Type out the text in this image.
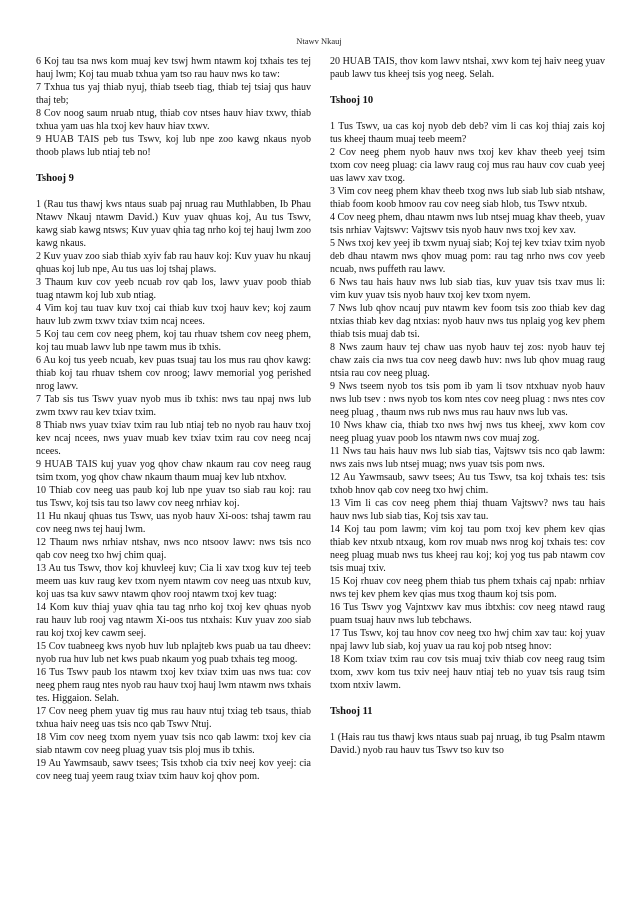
Ntawv Nkauj

6 Koj tau tsa nws kom muaj kev tswj hwm ntawm koj txhais tes tej hauj lwm; Koj tau muab txhua yam tso rau hauv nws ko taw:

7 Txhua tus yaj thiab nyuj, thiab tseeb tiag, thiab tej tsiaj qus hauv thaj teb;

8 Cov noog saum nruab ntug, thiab cov ntses hauv hiav txwv, thiab txhua yam uas hla txoj kev hauv hiav txwv.

9 HUAB TAIS peb tus Tswv, koj lub npe zoo kawg nkaus nyob thoob plaws lub ntiaj teb no!

Tshooj 9

1 (Rau tus thawj kws ntaus suab paj nruag rau Muthlabben, Ib Phau Ntawv Nkauj ntawm David.) Kuv yuav qhuas koj, Au tus Tswv, kawg siab kawg ntsws; Kuv yuav qhia tag nrho koj tej hauj lwm zoo kawg nkaus.

2 Kuv yuav zoo siab thiab xyiv fab rau hauv koj: Kuv yuav hu nkauj qhuas koj lub npe, Au tus uas loj tshaj plaws.

3 Thaum kuv cov yeeb ncuab rov qab los, lawv yuav poob thiab tuag ntawm koj lub xub ntiag.

4 Vim koj tau tuav kuv txoj cai thiab kuv txoj hauv kev; koj zaum hauv lub zwm txwv txiav txim ncaj ncees.

5 Koj tau cem cov neeg phem, koj tau rhuav tshem cov neeg phem, koj tau muab lawv lub npe tawm mus ib txhis.

6 Au koj tus yeeb ncuab, kev puas tsuaj tau los mus rau qhov kawg: thiab koj tau rhuav tshem cov nroog; lawv memorial yog perished nrog lawv.

7 Tab sis tus Tswv yuav nyob mus ib txhis: nws tau npaj nws lub zwm txwv rau kev txiav txim.

8 Thiab nws yuav txiav txim rau lub ntiaj teb no nyob rau hauv txoj kev ncaj ncees, nws yuav muab kev txiav txim rau cov neeg ncaj ncees.

9 HUAB TAIS kuj yuav yog qhov chaw nkaum rau cov neeg raug tsim txom, yog qhov chaw nkaum thaum muaj kev lub ntxhov.

10 Thiab cov neeg uas paub koj lub npe yuav tso siab rau koj: rau tus Tswv, koj tsis tau tso lawv cov neeg nrhiav koj.

11 Hu nkauj qhuas tus Tswv, uas nyob hauv Xi-oos: tshaj tawm rau cov neeg nws tej hauj lwm.

12 Thaum nws nrhiav ntshav, nws nco ntsoov lawv: nws tsis nco qab cov neeg txo hwj chim quaj.

13 Au tus Tswv, thov koj khuvleej kuv; Cia li xav txog kuv tej teeb meem uas kuv raug kev txom nyem ntawm cov neeg uas ntxub kuv, koj uas tsa kuv sawv ntawm qhov rooj ntawm txoj kev tuag:

14 Kom kuv thiaj yuav qhia tau tag nrho koj txoj kev qhuas nyob rau hauv lub rooj vag ntawm Xi-oos tus ntxhais: Kuv yuav zoo siab rau koj txoj kev cawm seej.

15 Cov tuabneeg kws nyob huv lub nplajteb kws puab ua tau dheev: nyob rua huv lub net kws puab nkaum yog puab txhais teg moog.

16 Tus Tswv paub los ntawm txoj kev txiav txim uas nws tua: cov neeg phem raug ntes nyob rau hauv txoj hauj lwm ntawm nws txhais tes. Higgaion. Selah.

17 Cov neeg phem yuav tig mus rau hauv ntuj txiag teb tsaus, thiab txhua haiv neeg uas tsis nco qab Tswv Ntuj.

18 Vim cov neeg txom nyem yuav tsis nco qab lawm: txoj kev cia siab ntawm cov neeg pluag yuav tsis ploj mus ib txhis.

19 Au Yawmsaub, sawv tsees; Tsis txhob cia txiv neej kov yeej: cia cov neeg tuaj yeem raug txiav txim hauv koj qhov pom.

20 HUAB TAIS, thov kom lawv ntshai, xwv kom tej haiv neeg yuav paub lawv tus kheej tsis yog neeg. Selah.

Tshooj 10

1 Tus Tswv, ua cas koj nyob deb deb? vim li cas koj thiaj zais koj tus kheej thaum muaj teeb meem?

2 Cov neeg phem nyob hauv nws txoj kev khav theeb yeej tsim txom cov neeg pluag: cia lawv raug coj mus rau hauv cov cuab yeej uas lawv xav txog.

3 Vim cov neeg phem khav theeb txog nws lub siab lub siab ntshaw, thiab foom koob hmoov rau cov neeg siab hlob, tus Tswv ntxub.

4 Cov neeg phem, dhau ntawm nws lub ntsej muag khav theeb, yuav tsis nrhiav Vajtswv: Vajtswv tsis nyob hauv nws txoj kev xav.

5 Nws txoj kev yeej ib txwm nyuaj siab; Koj tej kev txiav txim nyob deb dhau ntawm nws qhov muag pom: rau tag nrho nws cov yeeb ncuab, nws puffeth rau lawv.

6 Nws tau hais hauv nws lub siab tias, kuv yuav tsis txav mus li: vim kuv yuav tsis nyob hauv txoj kev txom nyem.

7 Nws lub qhov ncauj puv ntawm kev foom tsis zoo thiab kev dag ntxias thiab kev dag ntxias: nyob hauv nws tus nplaig yog kev phem thiab tsis muaj dab tsi.

8 Nws zaum hauv tej chaw uas nyob hauv tej zos: nyob hauv tej chaw zais cia nws tua cov neeg dawb huv: nws lub qhov muag raug ntsia rau cov neeg pluag.

9 Nws tseem nyob tos tsis pom ib yam li tsov ntxhuav nyob hauv nws lub tsev : nws nyob tos kom ntes cov neeg pluag : nws ntes cov neeg pluag , thaum nws rub nws mus rau hauv nws lub vas.

10 Nws khaw cia, thiab txo nws hwj nws tus kheej, xwv kom cov neeg pluag yuav poob los ntawm nws cov muaj zog.

11 Nws tau hais hauv nws lub siab tias, Vajtswv tsis nco qab lawm: nws zais nws lub ntsej muag; nws yuav tsis pom nws.

12 Au Yawmsaub, sawv tsees; Au tus Tswv, tsa koj txhais tes: tsis txhob hnov qab cov neeg txo hwj chim.

13 Vim li cas cov neeg phem thiaj thuam Vajtswv? nws tau hais hauv nws lub siab tias, Koj tsis xav tau.

14 Koj tau pom lawm; vim koj tau pom txoj kev phem kev qias thiab kev ntxub ntxaug, kom rov muab nws nrog koj txhais tes: cov neeg pluag muab nws tus kheej rau koj; koj yog tus pab ntawm cov tsis muaj txiv.

15 Koj rhuav cov neeg phem thiab tus phem txhais caj npab: nrhiav nws tej kev phem kev qias mus txog thaum koj tsis pom.

16 Tus Tswv yog Vajntxwv kav mus ibtxhis: cov neeg ntawd raug puam tsuaj hauv nws lub tebchaws.

17 Tus Tswv, koj tau hnov cov neeg txo hwj chim xav tau: koj yuav npaj lawv lub siab, koj yuav ua rau koj pob ntseg hnov:

18 Kom txiav txim rau cov tsis muaj txiv thiab cov neeg raug tsim txom, xwv kom tus txiv neej hauv ntiaj teb no yuav tsis raug tsim txom ntxiv lawm.

Tshooj 11

1 (Hais rau tus thawj kws ntaus suab paj nruag, ib tug Psalm ntawm David.) nyob rau hauv tus Tswv tso kuv tso
